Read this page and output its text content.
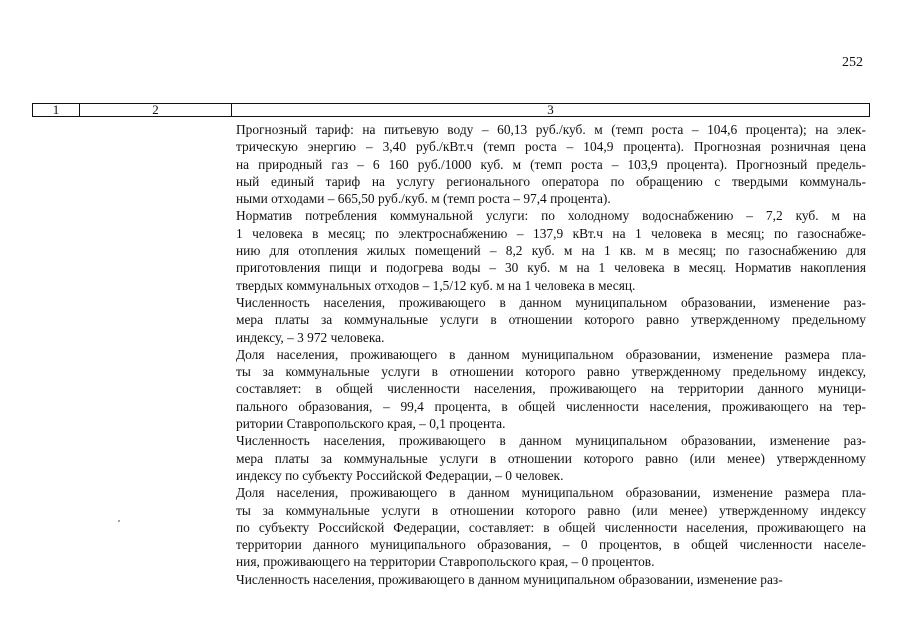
252
1	2	3

Прогнозный тариф: на питьевую воду – 60,13 руб./куб. м (темп роста – 104,6 процента); на элек-
трическую энергию – 3,40 руб./кВт.ч (темп роста – 104,9 процента). Прогнозная розничная цена
на природный газ – 6 160 руб./1000 куб. м (темп роста – 103,9 процента). Прогнозный предель-
ный единый тариф на услугу регионального оператора по обращению с твердыми коммуналь-
ными отходами – 665,50 руб./куб. м (темп роста – 97,4 процента).

Норматив потребления коммунальной услуги: по холодному водоснабжению – 7,2 куб. м на
1 человека в месяц; по электроснабжению – 137,9 кВт.ч на 1 человека в месяц; по газоснабже-
нию для отопления жилых помещений – 8,2 куб. м на 1 кв. м в месяц; по газоснабжению для
приготовления пищи и подогрева воды – 30 куб. м на 1 человека в месяц. Норматив накопления
твердых коммунальных отходов – 1,5/12 куб. м на 1 человека в месяц.

Численность населения, проживающего в данном муниципальном образовании, изменение раз-
мера платы за коммунальные услуги в отношении которого равно утвержденному предельному
индексу, – 3 972 человека.

Доля населения, проживающего в данном муниципальном образовании, изменение размера пла-
ты за коммунальные услуги в отношении которого равно утвержденному предельному индексу,
составляет: в общей численности населения, проживающего на территории данного муници-
пального образования, – 99,4 процента, в общей численности населения, проживающего на тер-
ритории Ставропольского края, – 0,1 процента.

Численность населения, проживающего в данном муниципальном образовании, изменение раз-
мера платы за коммунальные услуги в отношении которого равно (или менее) утвержденному
индексу по субъекту Российской Федерации, – 0 человек.

Доля населения, проживающего в данном муниципальном образовании, изменение размера пла-
ты за коммунальные услуги в отношении которого равно (или менее) утвержденному индексу
по субъекту Российской Федерации, составляет: в общей численности населения, проживающего на
территории данного муниципального образования, – 0 процентов, в общей численности населе-
ния, проживающего на территории Ставропольского края, – 0 процентов.

Численность населения, проживающего в данном муниципальном образовании, изменение раз-
